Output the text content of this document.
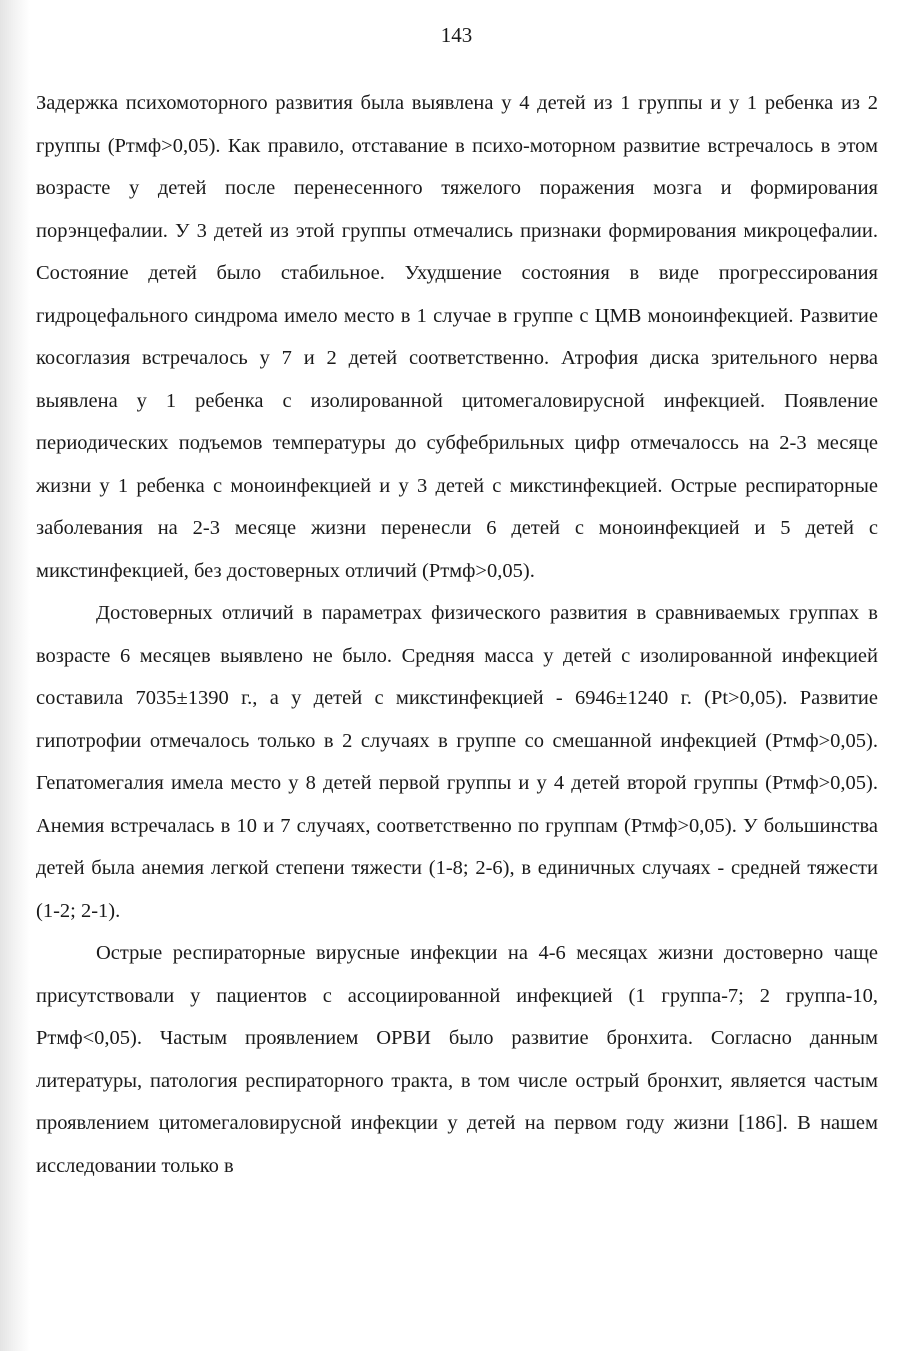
143

Задержка психомоторного развития была выявлена у 4 детей из 1 группы и у 1 ребенка из 2 группы (Ртмф>0,05). Как правило, отставание в психо-моторном развитие встречалось в этом возрасте у детей после перенесенного тяжелого поражения мозга и формирования порэнцефалии. У 3 детей из этой группы отмечались признаки формирования микроцефалии. Состояние детей было стабильное. Ухудшение состояния в виде прогрессирования гидроцефального синдрома имело место в 1 случае в группе с ЦМВ моноинфекцией. Развитие косоглазия встречалось у 7 и 2 детей соответственно. Атрофия диска зрительного нерва выявлена у 1 ребенка с изолированной цитомегаловирусной инфекцией. Появление периодических подъемов температуры до субфебрильных цифр отмечалоссь на 2-3 месяце жизни у 1 ребенка с моноинфекцией и у 3 детей с микстинфекцией. Острые респираторные заболевания на 2-3 месяце жизни перенесли 6 детей с моноинфекцией и 5 детей с микстинфекцией, без достоверных отличий (Ртмф>0,05).

Достоверных отличий в параметрах физического развития в сравниваемых группах в возрасте 6 месяцев выявлено не было. Средняя масса у детей с изолированной инфекцией составила 7035±1390 г., а у детей с микстинфекцией - 6946±1240 г. (Pt>0,05). Развитие гипотрофии отмечалось только в 2 случаях в группе со смешанной инфекцией (Ртмф>0,05). Гепатомегалия имела место у 8 детей первой группы и у 4 детей второй группы (Ртмф>0,05). Анемия встречалась в 10 и 7 случаях, соответственно по группам (Ртмф>0,05). У большинства детей была анемия легкой степени тяжести (1-8; 2-6), в единичных случаях - средней тяжести (1-2; 2-1).

Острые респираторные вирусные инфекции на 4-6 месяцах жизни достоверно чаще присутствовали у пациентов с ассоциированной инфекцией (1 группа-7; 2 группа-10, Ртмф<0,05). Частым проявлением ОРВИ было развитие бронхита. Согласно данным литературы, патология респираторного тракта, в том числе острый бронхит, является частым проявлением цитомегаловирусной инфекции у детей на первом году жизни [186]. В нашем исследовании только в
